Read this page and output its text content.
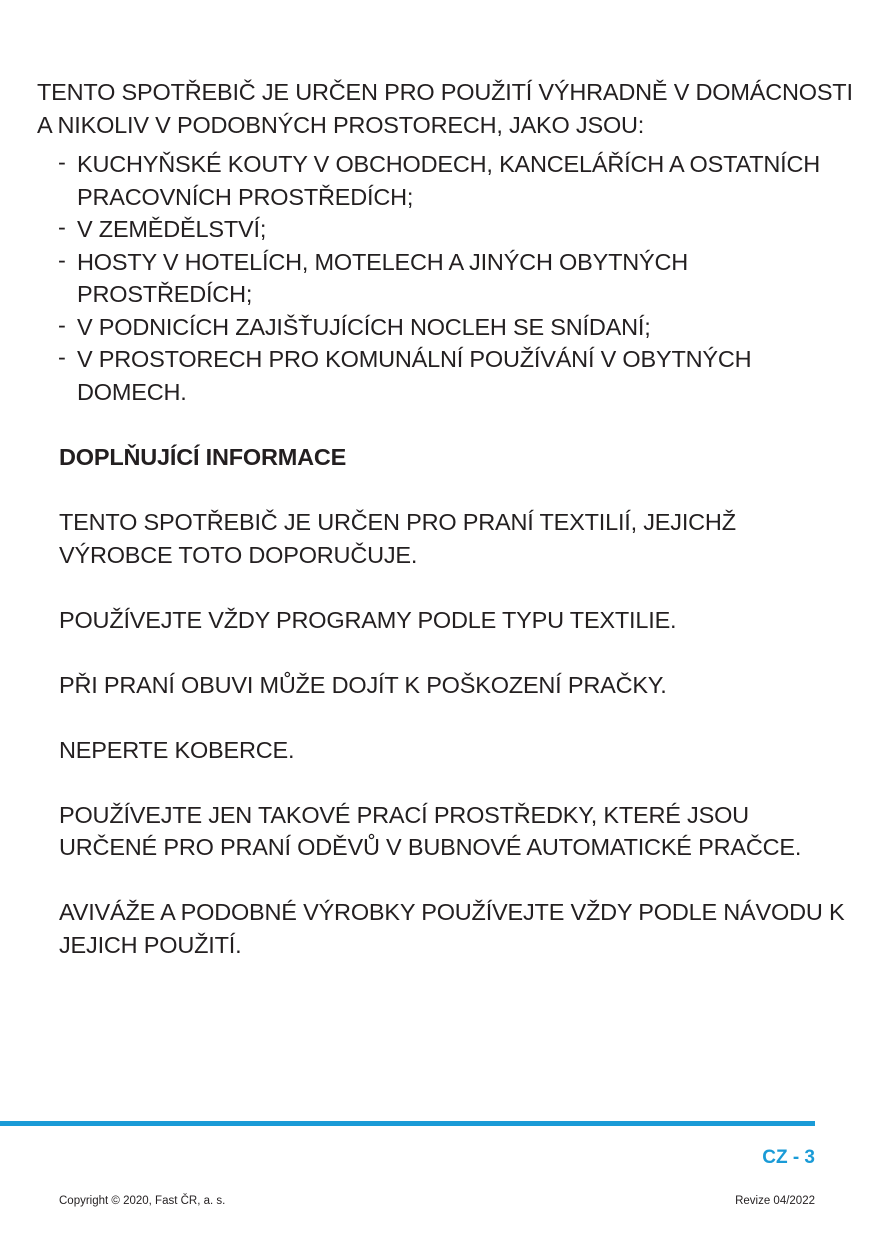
TENTO SPOTŘEBIČ JE URČEN PRO POUŽITÍ VÝHRADNĚ V DOMÁCNOSTI A NIKOLIV V PODOBNÝCH PROSTORECH, JAKO JSOU:

- KUCHYŇSKÉ KOUTY V OBCHODECH, KANCELÁŘÍCH A OSTATNÍCH PRACOVNÍCH PROSTŘEDÍCH;
- V ZEMĚDĚLSTVÍ;
- HOSTY V HOTELÍCH, MOTELECH A JINÝCH OBYTNÝCH PROSTŘEDÍCH;
- V PODNICÍCH ZAJIŠŤUJÍCÍCH NOCLEH SE SNÍDANÍ;
- V PROSTORECH PRO KOMUNÁLNÍ POUŽÍVÁNÍ V OBYTNÝCH DOMECH.
DOPLŇUJÍCÍ INFORMACE

TENTO SPOTŘEBIČ JE URČEN PRO PRANÍ TEXTILIÍ, JEJICHŽ VÝROBCE TOTO DOPORUČUJE.

POUŽÍVEJTE VŽDY PROGRAMY PODLE TYPU TEXTILIE.

PŘI PRANÍ OBUVI MŮŽE DOJÍT K POŠKOZENÍ PRAČKY.

NEPERTE KOBERCE.

POUŽÍVEJTE JEN TAKOVÉ PRACÍ PROSTŘEDKY, KTERÉ JSOU URČENÉ PRO PRANÍ ODĚVŮ V BUBNOVÉ AUTOMATICKÉ PRAČCE.

AVIVÁŽE A PODOBNÉ VÝROBKY POUŽÍVEJTE VŽDY PODLE NÁVODU K JEJICH POUŽITÍ.

CZ - 3
Copyright © 2020, Fast ČR, a. s.	Revize 04/2022
